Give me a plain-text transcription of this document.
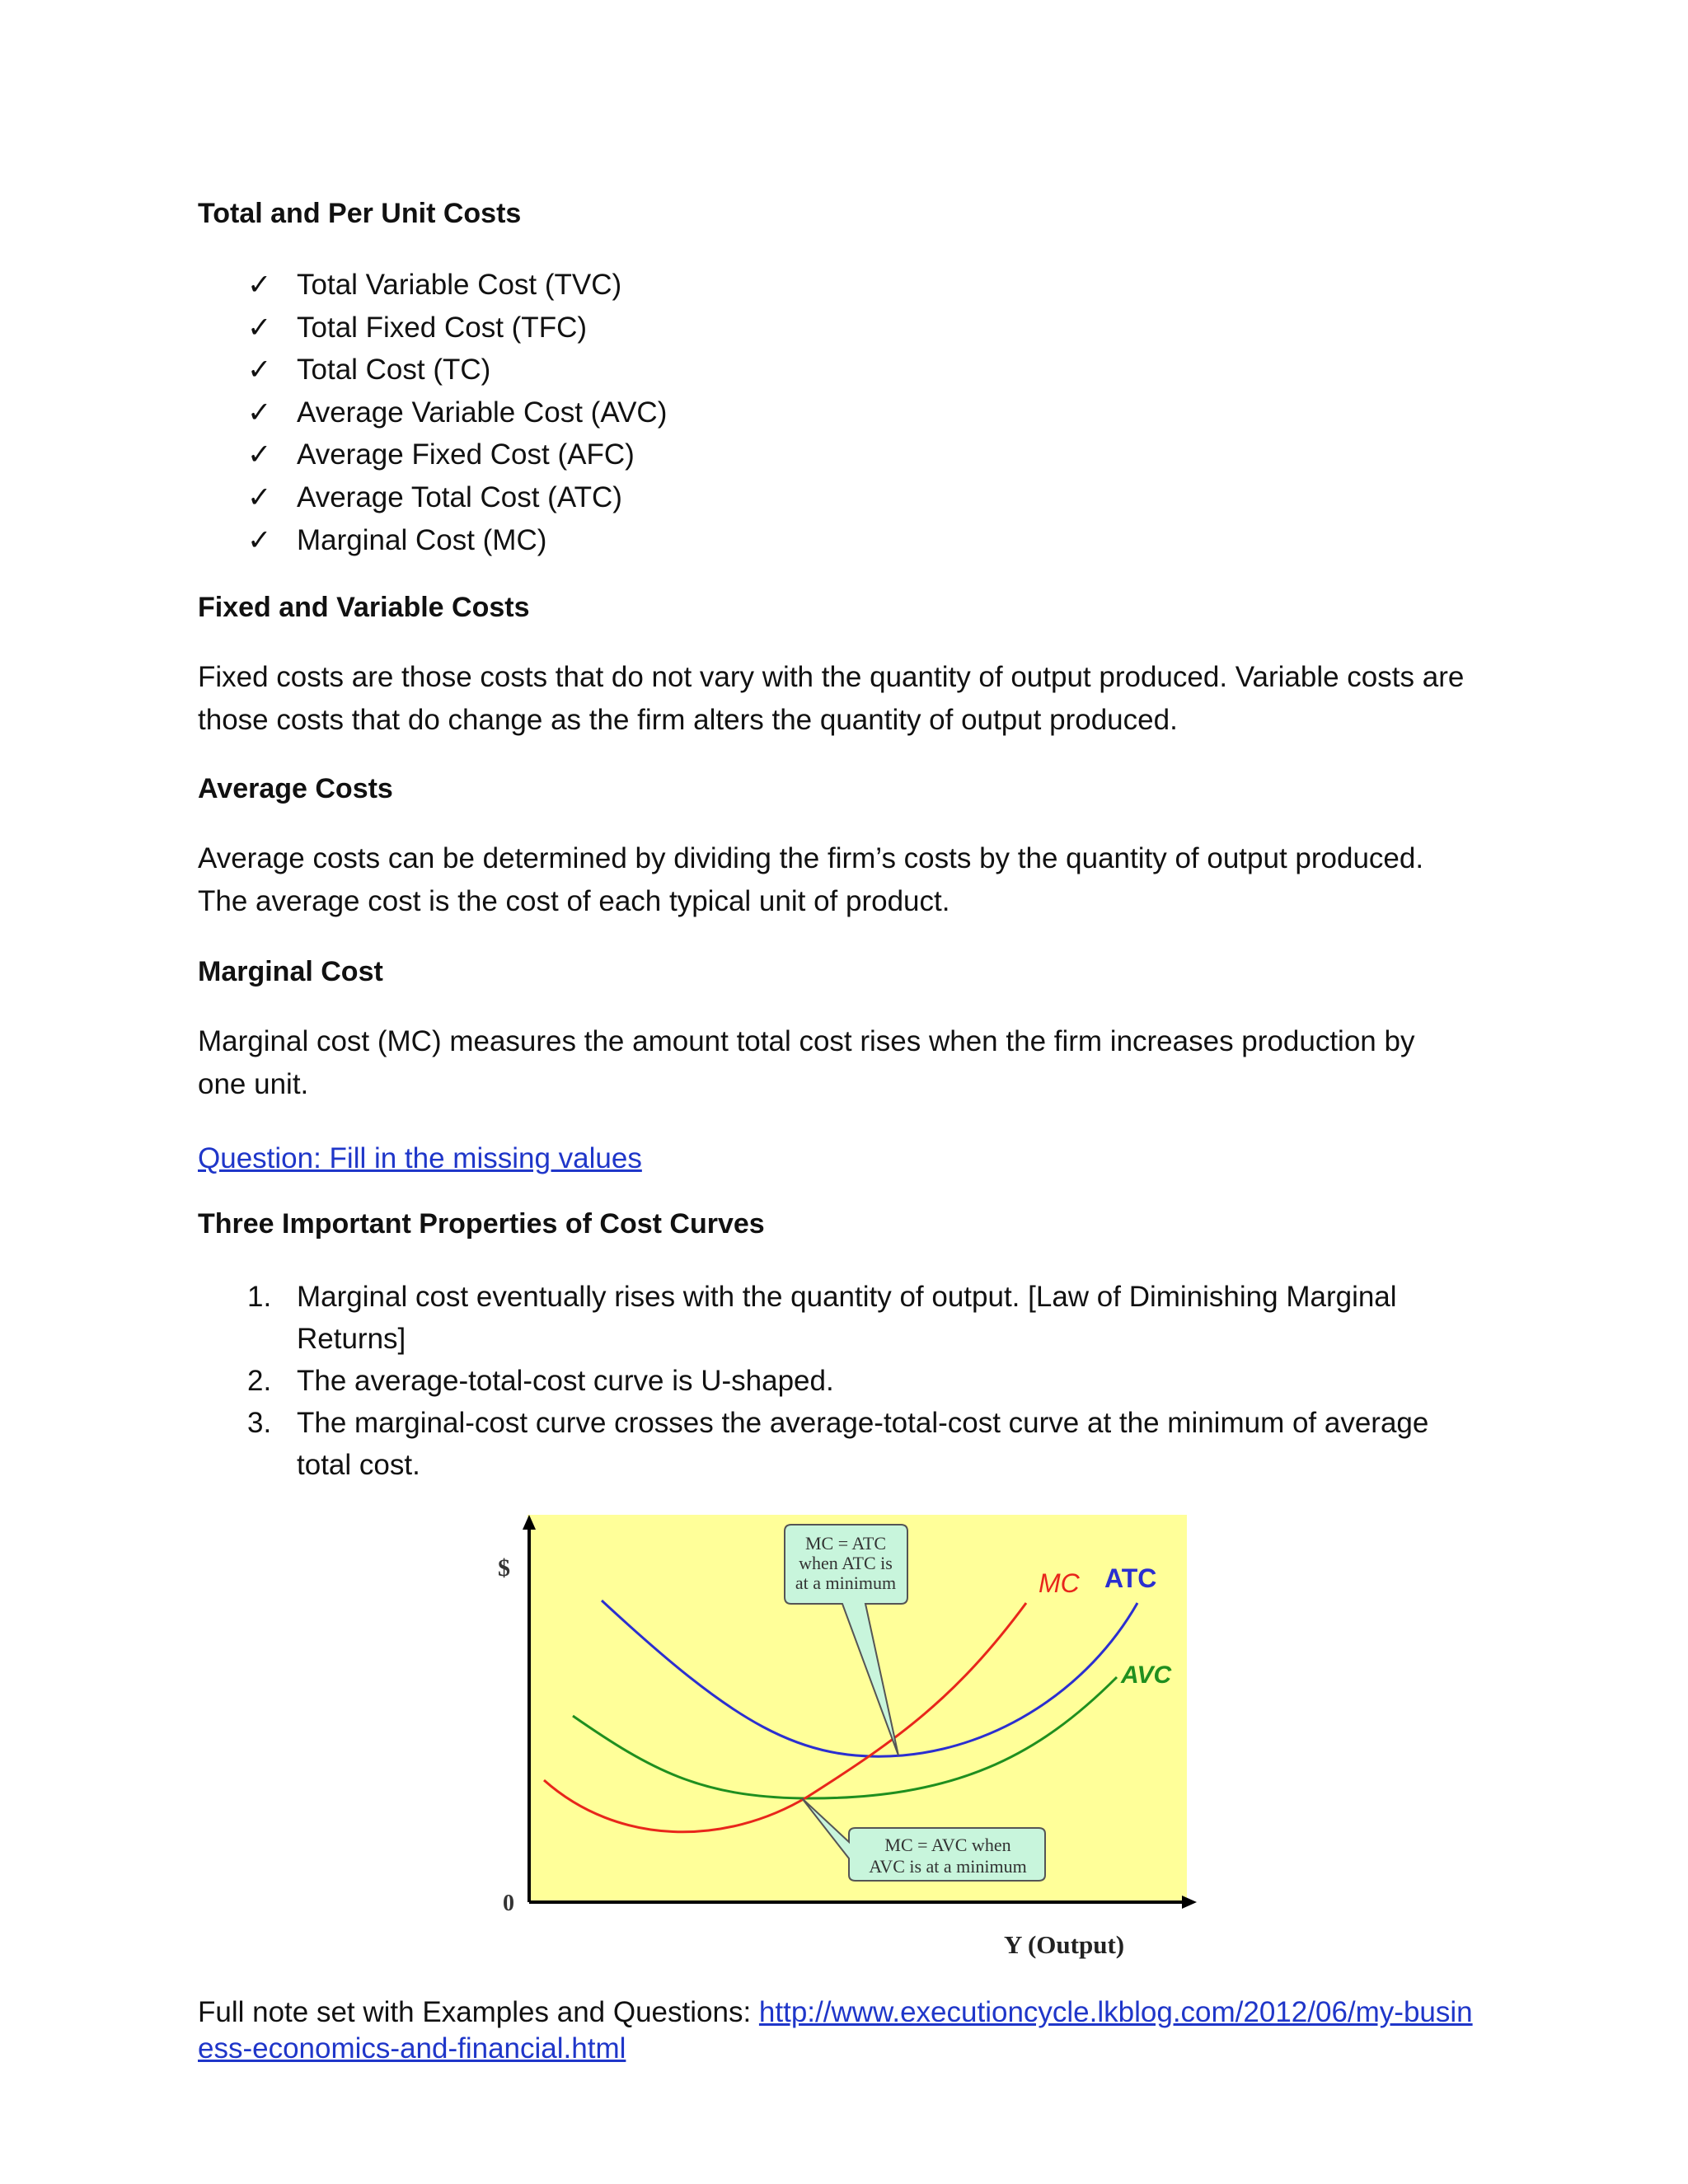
Total and Per Unit Costs
✓ Total Variable Cost (TVC)
✓ Total Fixed Cost (TFC)
✓ Total Cost (TC)
✓ Average Variable Cost (AVC)
✓ Average Fixed Cost (AFC)
✓ Average Total Cost (ATC)
✓ Marginal Cost (MC)
Fixed and Variable Costs

Fixed costs are those costs that do not vary with the quantity of output produced. Variable costs are those costs that do change as the firm alters the quantity of output produced.

Average Costs

Average costs can be determined by dividing the firm’s costs by the quantity of output produced. The average cost is the cost of each typical unit of product.

Marginal Cost

Marginal cost (MC) measures the amount total cost rises when the firm increases production by one unit.

Question: Fill in the missing values

Three Important Properties of Cost Curves
1. Marginal cost eventually rises with the quantity of output. [Law of Diminishing Marginal Returns]
2. The average-total-cost curve is U-shaped.
3. The marginal-cost curve crosses the average-total-cost curve at the minimum of average total cost.
$
0
Y (Output)
MC ATC
AVC
MC = ATC
when ATC is
at a minimum
MC = AVC when
AVC is at a minimum

Full note set with Examples and Questions: http://www.executioncycle.lkblog.com/2012/06/my-business-economics-and-financial.html
